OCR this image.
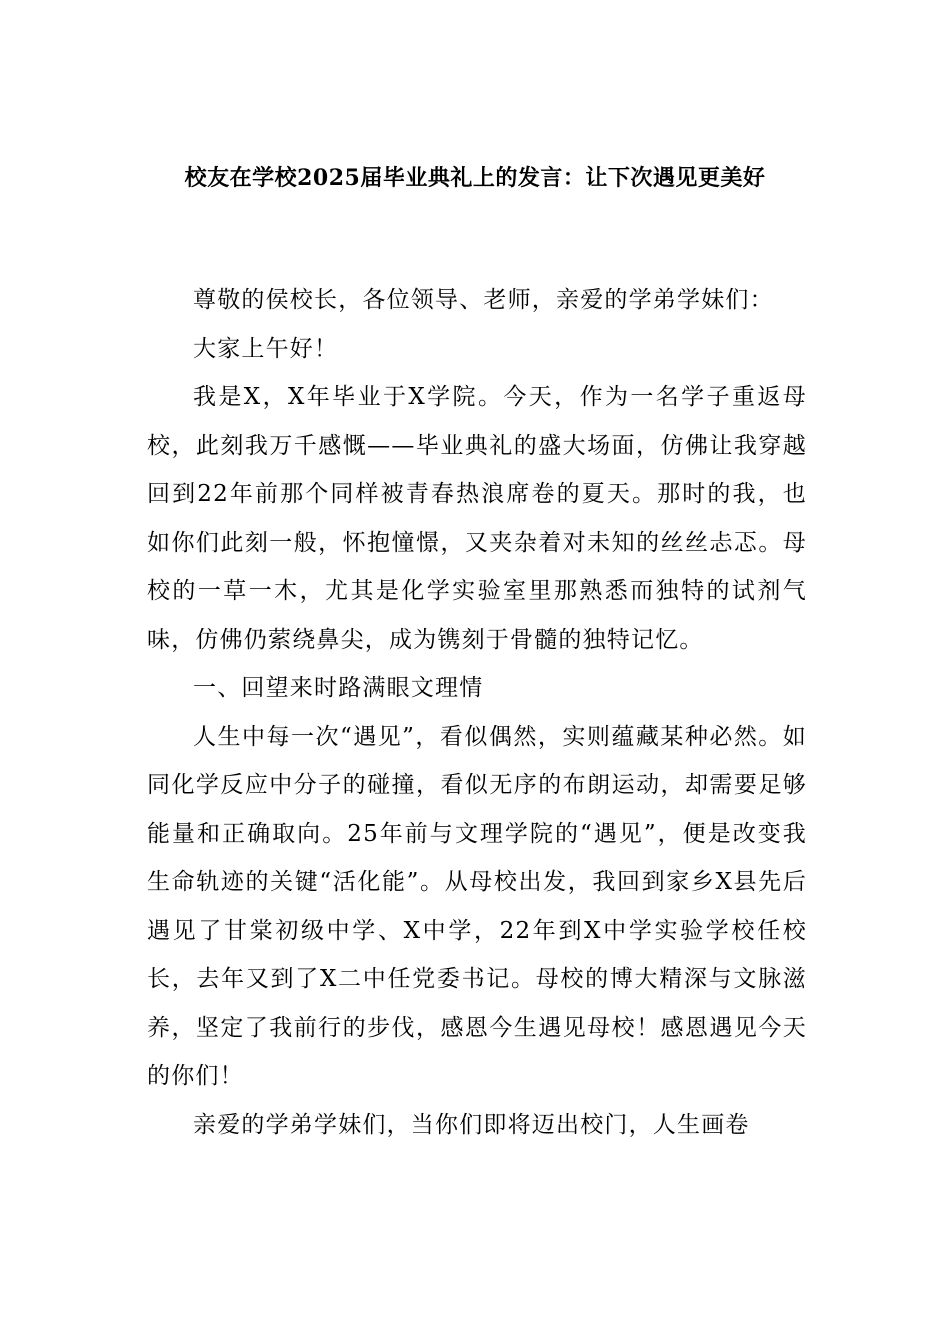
校友在学校2025届毕业典礼上的发言：让下次遇见更美好

尊敬的侯校长，各位领导、老师，亲爱的学弟学妹们：

大家上午好！

我是X，X年毕业于X学院。今天，作为一名学子重返母校，此刻我万千感慨——毕业典礼的盛大场面，仿佛让我穿越回到22年前那个同样被青春热浪席卷的夏天。那时的我，也如你们此刻一般，怀抱憧憬，又夹杂着对未知的丝丝忐忑。母校的一草一木，尤其是化学实验室里那熟悉而独特的试剂气味，仿佛仍萦绕鼻尖，成为镌刻于骨髓的独特记忆。

一、回望来时路满眼文理情

人生中每一次“遇见”，看似偶然，实则蕴藏某种必然。如同化学反应中分子的碰撞，看似无序的布朗运动，却需要足够能量和正确取向。25年前与文理学院的“遇见”，便是改变我生命轨迹的关键“活化能”。从母校出发，我回到家乡X县先后遇见了甘棠初级中学、X中学，22年到X中学实验学校任校长，去年又到了X二中任党委书记。母校的博大精深与文脉滋养，坚定了我前行的步伐，感恩今生遇见母校！感恩遇见今天的你们！

亲爱的学弟学妹们，当你们即将迈出校门，人生画卷
